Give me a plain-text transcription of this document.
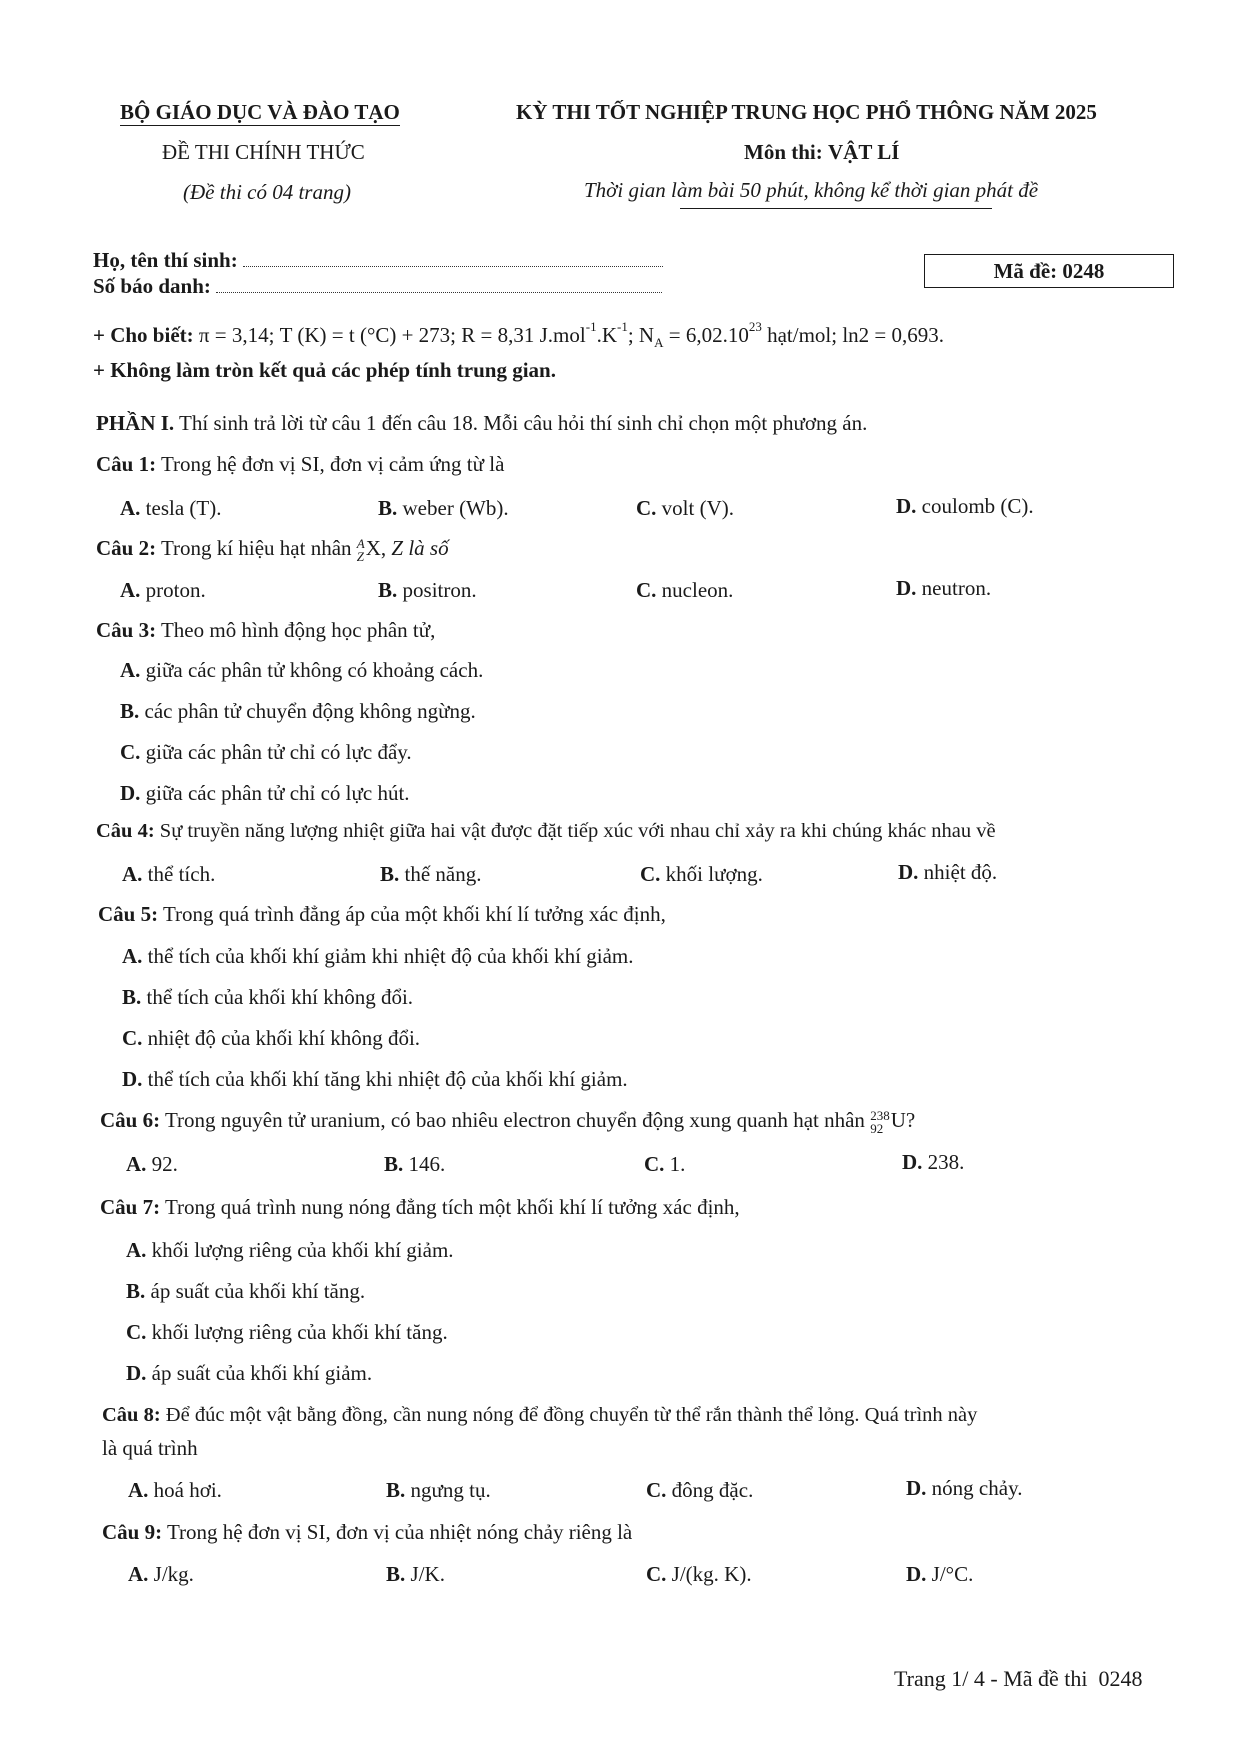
BỘ GIÁO DỤC VÀ ĐÀO TẠO
ĐỀ THI CHÍNH THỨC
(Đề thi có 04 trang)
KỲ THI TỐT NGHIỆP TRUNG HỌC PHỔ THÔNG NĂM 2025
Môn thi: VẬT LÍ
Thời gian làm bài 50 phút, không kể thời gian phát đề
Họ, tên thí sinh:
Số báo danh:
Mã đề: 0248
+ Cho biết: π = 3,14; T (K) = t (°C) + 273; R = 8,31 $J.mol^{-1}.K^{-1}$; $N_A = 6,02.10^{23}$ hạt/mol; ln2 = 0,693.
+ Không làm tròn kết quả các phép tính trung gian.
PHẦN I. Thí sinh trả lời từ câu 1 đến câu 18. Mỗi câu hỏi thí sinh chỉ chọn một phương án.
Câu 1: Trong hệ đơn vị SI, đơn vị cảm ứng từ là
A. tesla (T).	B. weber (Wb).	C. volt (V).	D. coulomb (C).
Câu 2: Trong kí hiệu hạt nhân A
Z X, Z là số
A. proton.	B. positron.	C. nucleon.	D. neutron.
Câu 3: Theo mô hình động học phân tử,
A. giữa các phân tử không có khoảng cách.
B. các phân tử chuyển động không ngừng.
C. giữa các phân tử chỉ có lực đẩy.
D. giữa các phân tử chỉ có lực hút.
Câu 4: Sự truyền năng lượng nhiệt giữa hai vật được đặt tiếp xúc với nhau chỉ xảy ra khi chúng khác nhau về
A. thể tích.	B. thế năng.	C. khối lượng.	D. nhiệt độ.
Câu 5: Trong quá trình đẳng áp của một khối khí lí tưởng xác định,
A. thể tích của khối khí giảm khi nhiệt độ của khối khí giảm.
B. thể tích của khối khí không đổi.
C. nhiệt độ của khối khí không đổi.
D. thể tích của khối khí tăng khi nhiệt độ của khối khí giảm.
Câu 6: Trong nguyên tử uranium, có bao nhiêu electron chuyển động xung quanh hạt nhân 238
92 U?
A. 92.	B. 146.	C. 1.	D. 238.
Câu 7: Trong quá trình nung nóng đẳng tích một khối khí lí tưởng xác định,
A. khối lượng riêng của khối khí giảm.
B. áp suất của khối khí tăng.
C. khối lượng riêng của khối khí tăng.
D. áp suất của khối khí giảm.
Câu 8: Để đúc một vật bằng đồng, cần nung nóng để đồng chuyển từ thể rắn thành thể lỏng. Quá trình này
là quá trình
A. hoá hơi.	B. ngưng tụ.	C. đông đặc.	D. nóng chảy.
Câu 9: Trong hệ đơn vị SI, đơn vị của nhiệt nóng chảy riêng là
A. J/kg.	B. J/K.	C. J/(kg. K).	D. J/°C.
Trang 1/ 4 - Mã đề thi  0248
